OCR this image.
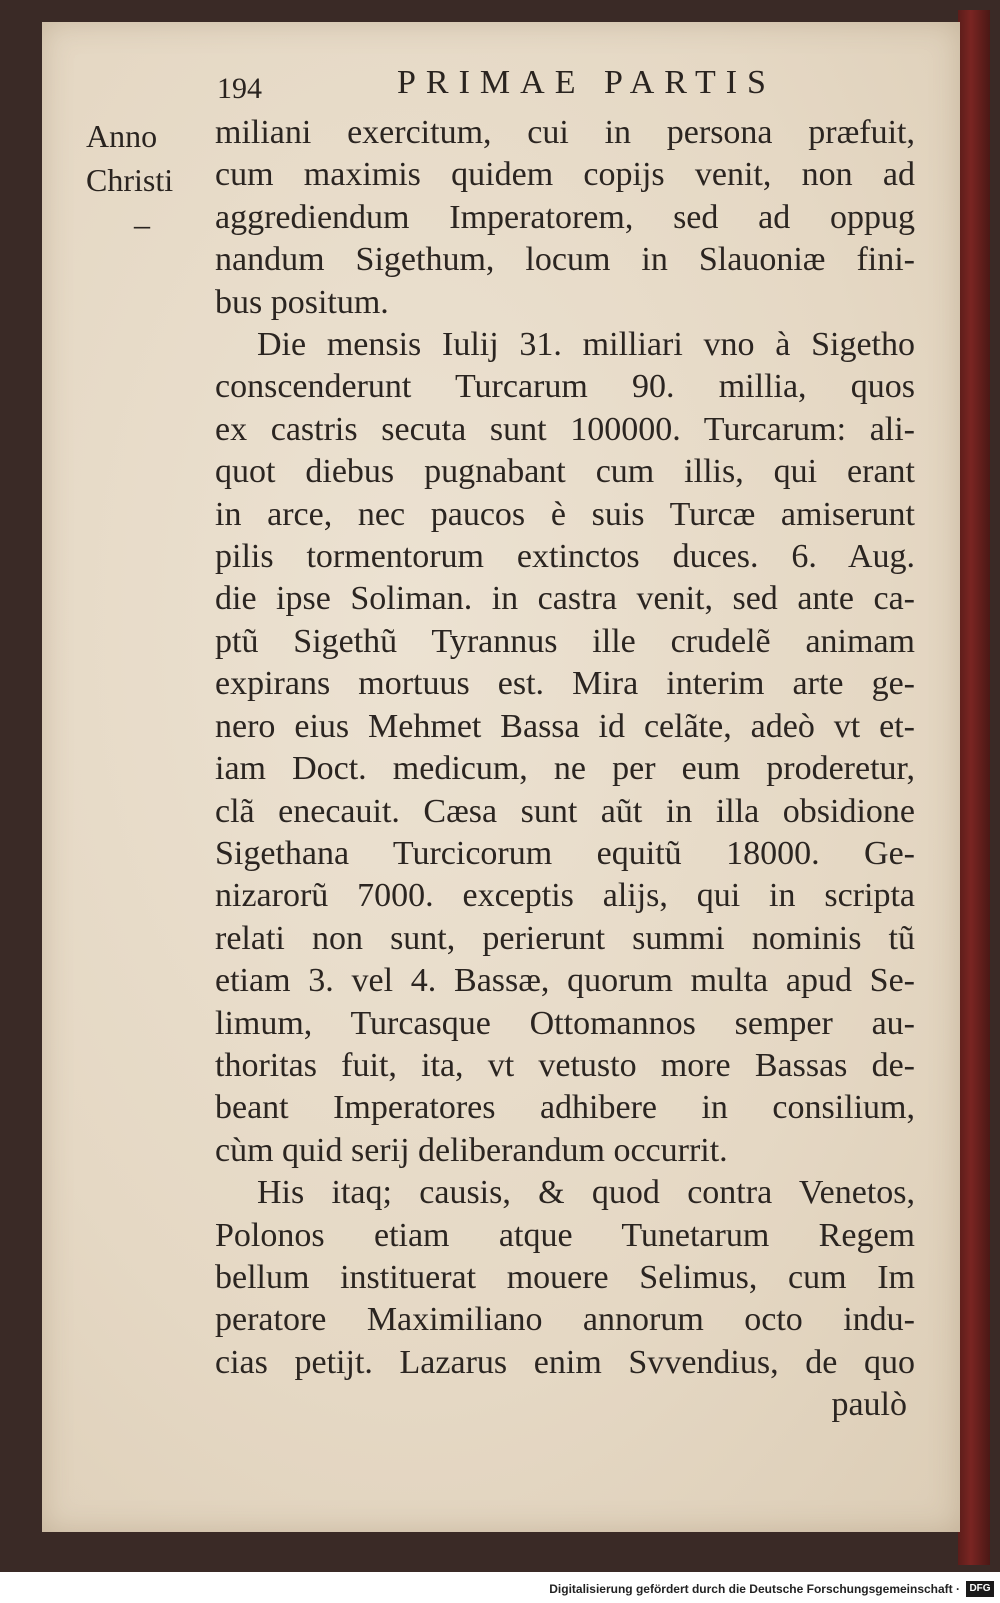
194	PRIMAE PARTIS
Anno
Christi

–
miliani exercitum, cui in persona præfuit,
cum maximis quidem copijs venit, non ad
aggrediendum Imperatorem, sed ad oppug
nandum Sigethum, locum in Slauoniæ fini-
bus positum.
Die mensis Iulij 31. milliari vno à Sigetho
conscenderunt Turcarum 90. millia, quos
ex castris secuta sunt 100000. Turcarum: ali-
quot diebus pugnabant cum illis, qui erant
in arce, nec paucos è suis Turcæ amiserunt
pilis tormentorum extinctos duces. 6. Aug.
die ipse Soliman. in castra venit, sed ante ca-
ptũ Sigethũ Tyrannus ille crudelẽ animam
expirans mortuus est. Mira interim arte ge-
nero eius Mehmet Bassa id celãte, adeò vt et-
iam Doct. medicum, ne per eum proderetur,
clã enecauit. Cæsa sunt aũt in illa obsidione
Sigethana Turcicorum equitũ 18000. Ge-
nizarorũ 7000. exceptis alijs, qui in scripta
relati non sunt, perierunt summi nominis tũ
etiam 3. vel 4. Bassæ, quorum multa apud Se-
limum, Turcasque Ottomannos semper au-
thoritas fuit, ita, vt vetusto more Bassas de-
beant Imperatores adhibere in consilium,
cùm quid serij deliberandum occurrit.
His itaq; causis, & quod contra Venetos,
Polonos etiam atque Tunetarum Regem
bellum instituerat mouere Selimus, cum Im
peratore Maximiliano annorum octo indu-
cias petijt. Lazarus enim Svvendius, de quo
paulò
Digitalisierung gefördert durch die Deutsche Forschungsgemeinschaft · DFG
